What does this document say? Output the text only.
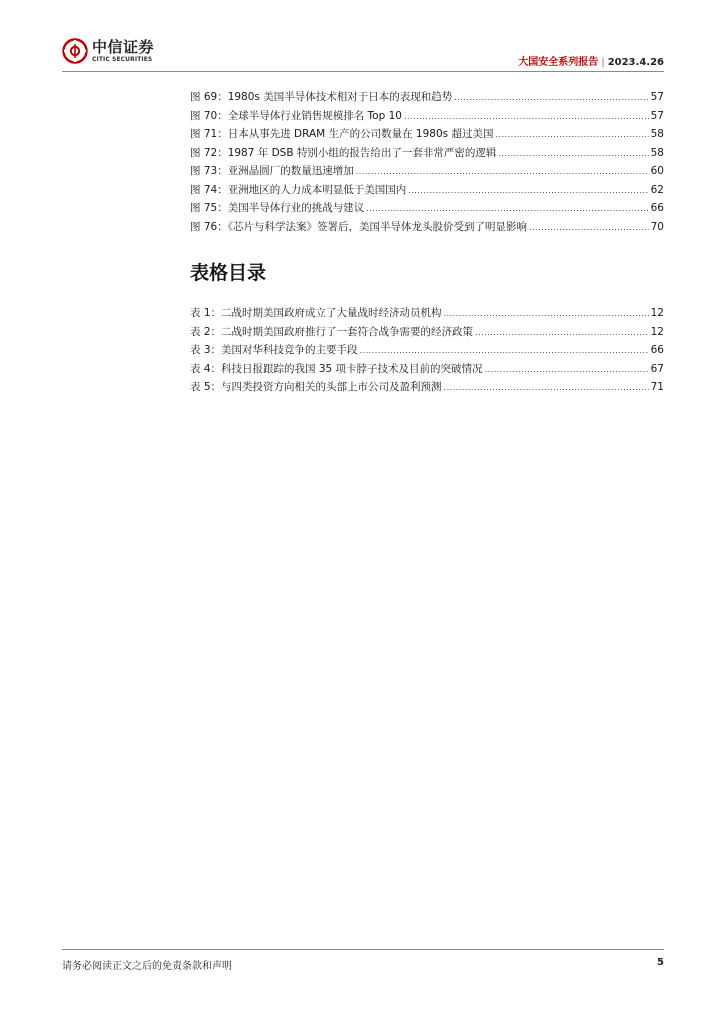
中信证券
CITIC SECURITIES	大国安全系列报告 | 2023.4.26
图 69：1980s 美国半导体技术相对于日本的表现和趋势 .....	57
图 70：全球半导体行业销售规模排名 Top 10 .....	57
图 71：日本从事先进 DRAM 生产的公司数量在 1980s 超过美国 .....	58
图 72：1987 年 DSB 特别小组的报告给出了一套非常严密的逻辑 .....	58
图 73：亚洲晶圆厂的数量迅速增加 .....	60
图 74：亚洲地区的人力成本明显低于美国国内 .....	62
图 75：美国半导体行业的挑战与建议 .....	66
图 76：《芯片与科学法案》签署后，美国半导体龙头股价受到了明显影响 .....	70
表格目录
表 1：二战时期美国政府成立了大量战时经济动员机构 .....	12
表 2：二战时期美国政府推行了一套符合战争需要的经济政策 .....	12
表 3：美国对华科技竞争的主要手段 .....	66
表 4：科技日报跟踪的我国 35 项卡脖子技术及目前的突破情况 .....	67
表 5：与四类投资方向相关的头部上市公司及盈利预测 .....	71
请务必阅读正文之后的免责条款和声明	5
